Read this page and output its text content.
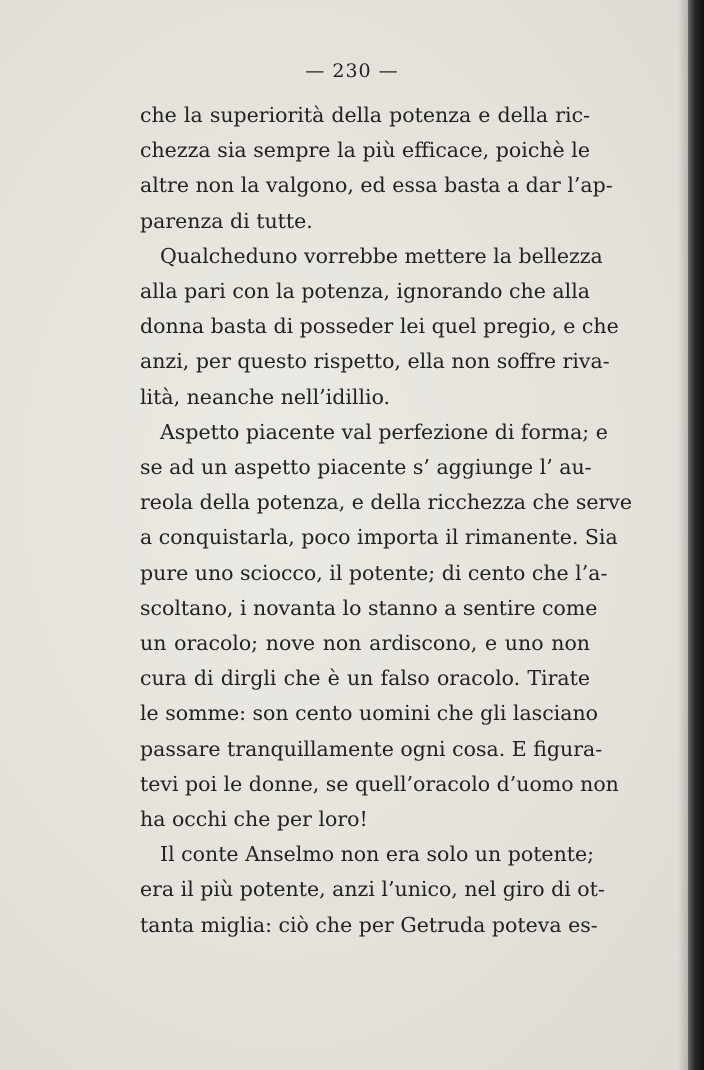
— 230 —

che la superiorità della potenza e della ric-
chezza sia sempre la più efficace, poichè le
altre non la valgono, ed essa basta a dar l’ap-
parenza di tutte.

Qualcheduno vorrebbe mettere la bellezza
alla pari con la potenza, ignorando che alla
donna basta di posseder lei quel pregio, e che
anzi, per questo rispetto, ella non soffre riva-
lità, neanche nell’idillio.

Aspetto piacente val perfezione di forma; e
se ad un aspetto piacente s’ aggiunge l’ au-
reola della potenza, e della ricchezza che serve
a conquistarla, poco importa il rimanente. Sia
pure uno sciocco, il potente; di cento che l’a-
scoltano, i novanta lo stanno a sentire come
un oracolo; nove non ardiscono, e uno non
cura di dirgli che è un falso oracolo. Tirate
le somme: son cento uomini che gli lasciano
passare tranquillamente ogni cosa. E figura-
tevi poi le donne, se quell’oracolo d’uomo non
ha occhi che per loro!

Il conte Anselmo non era solo un potente;
era il più potente, anzi l’unico, nel giro di ot-
tanta miglia: ciò che per Getruda poteva es-
